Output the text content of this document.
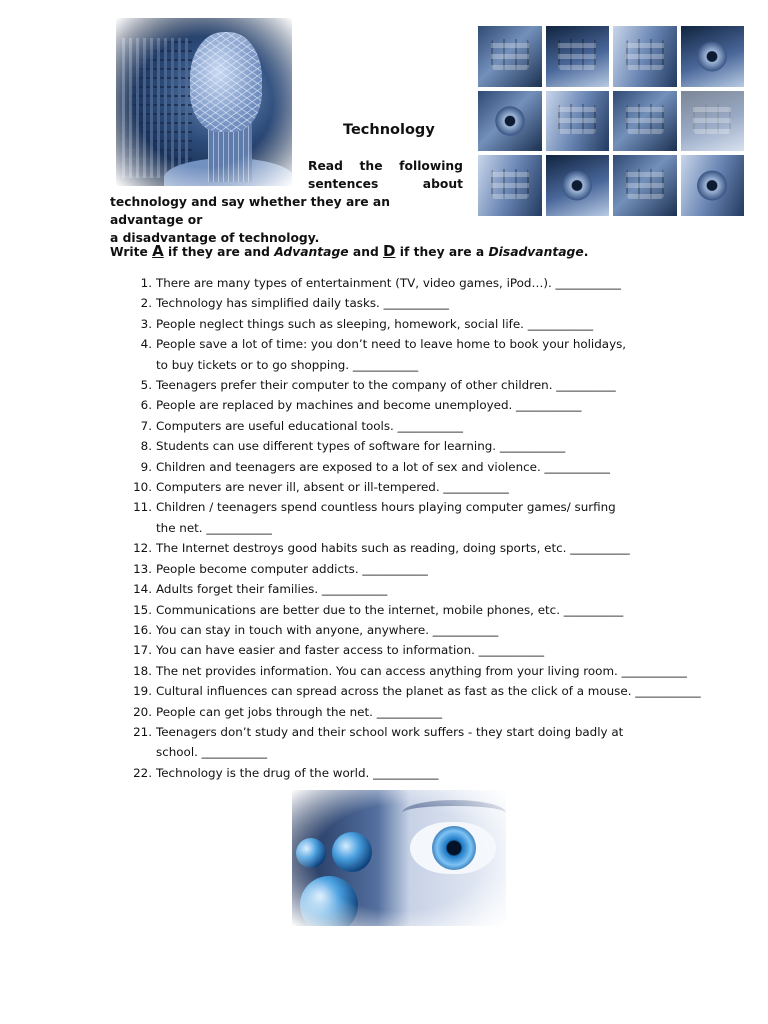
Technology
Read the following
sentences about
technology and say whether they are an advantage or
a disadvantage of technology.
Write A if they are and Advantage and D if they are a Disadvantage.
1. There are many types of entertainment (TV, video games, iPod…). ___________
2. Technology has simplified daily tasks. ___________
3. People neglect things such as sleeping, homework, social life. ___________
4. People save a lot of time: you don’t need to leave home to book your holidays,
to buy tickets or to go shopping. ___________
5. Teenagers prefer their computer to the company of other children. __________
6. People are replaced by machines and become unemployed. ___________
7. Computers are useful educational tools. ___________
8. Students can use different types of software for learning. ___________
9. Children and teenagers are exposed to a lot of sex and violence. ___________
10. Computers are never ill, absent or ill-tempered. ___________
11. Children / teenagers spend countless hours playing computer games/ surfing
the net. ___________
12. The Internet destroys good habits such as reading, doing sports, etc. __________
13. People become computer addicts. ___________
14. Adults forget their families. ___________
15. Communications are better due to the internet, mobile phones, etc. __________
16. You can stay in touch with anyone, anywhere. ___________
17. You can have easier and faster access to information. ___________
18. The net provides information. You can access anything from your living room. ___________
19. Cultural influences can spread across the planet as fast as the click of a mouse. ___________
20. People can get jobs through the net. ___________
21. Teenagers don’t study and their school work suffers - they start doing badly at
school. ___________
22. Technology is the drug of the world. ___________
